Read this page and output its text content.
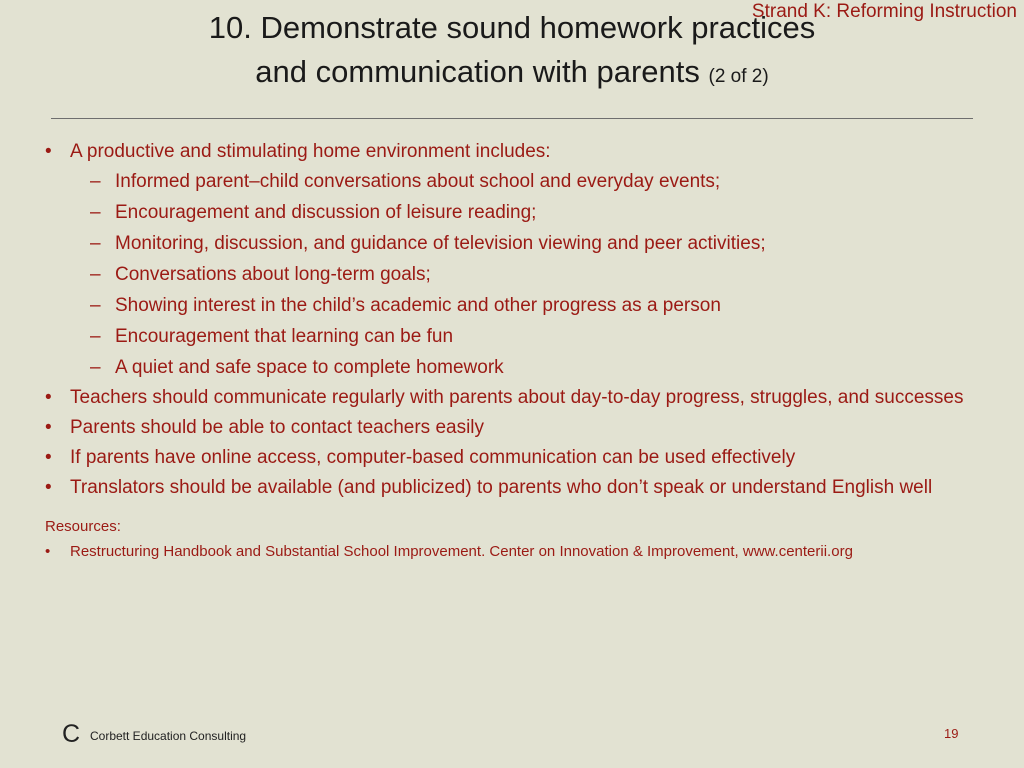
Strand K: Reforming Instruction
10. Demonstrate sound homework practices
and communication with parents (2 of 2)
• A productive and stimulating home environment includes:
– Informed parent–child conversations about school and everyday events;
– Encouragement and discussion of leisure reading;
– Monitoring, discussion, and guidance of television viewing and peer activities;
– Conversations about long-term goals;
– Showing interest in the child’s academic and other progress as a person
– Encouragement that learning can be fun
– A quiet and safe space to complete homework
• Teachers should communicate regularly with parents about day-to-day progress, struggles, and successes
• Parents should be able to contact teachers easily
• If parents have online access, computer-based communication can be used effectively
• Translators should be available (and publicized) to parents who don’t speak or understand English well
Resources:
• Restructuring Handbook and Substantial School Improvement. Center on Innovation & Improvement, www.centerii.org
C Corbett Education Consulting	19
